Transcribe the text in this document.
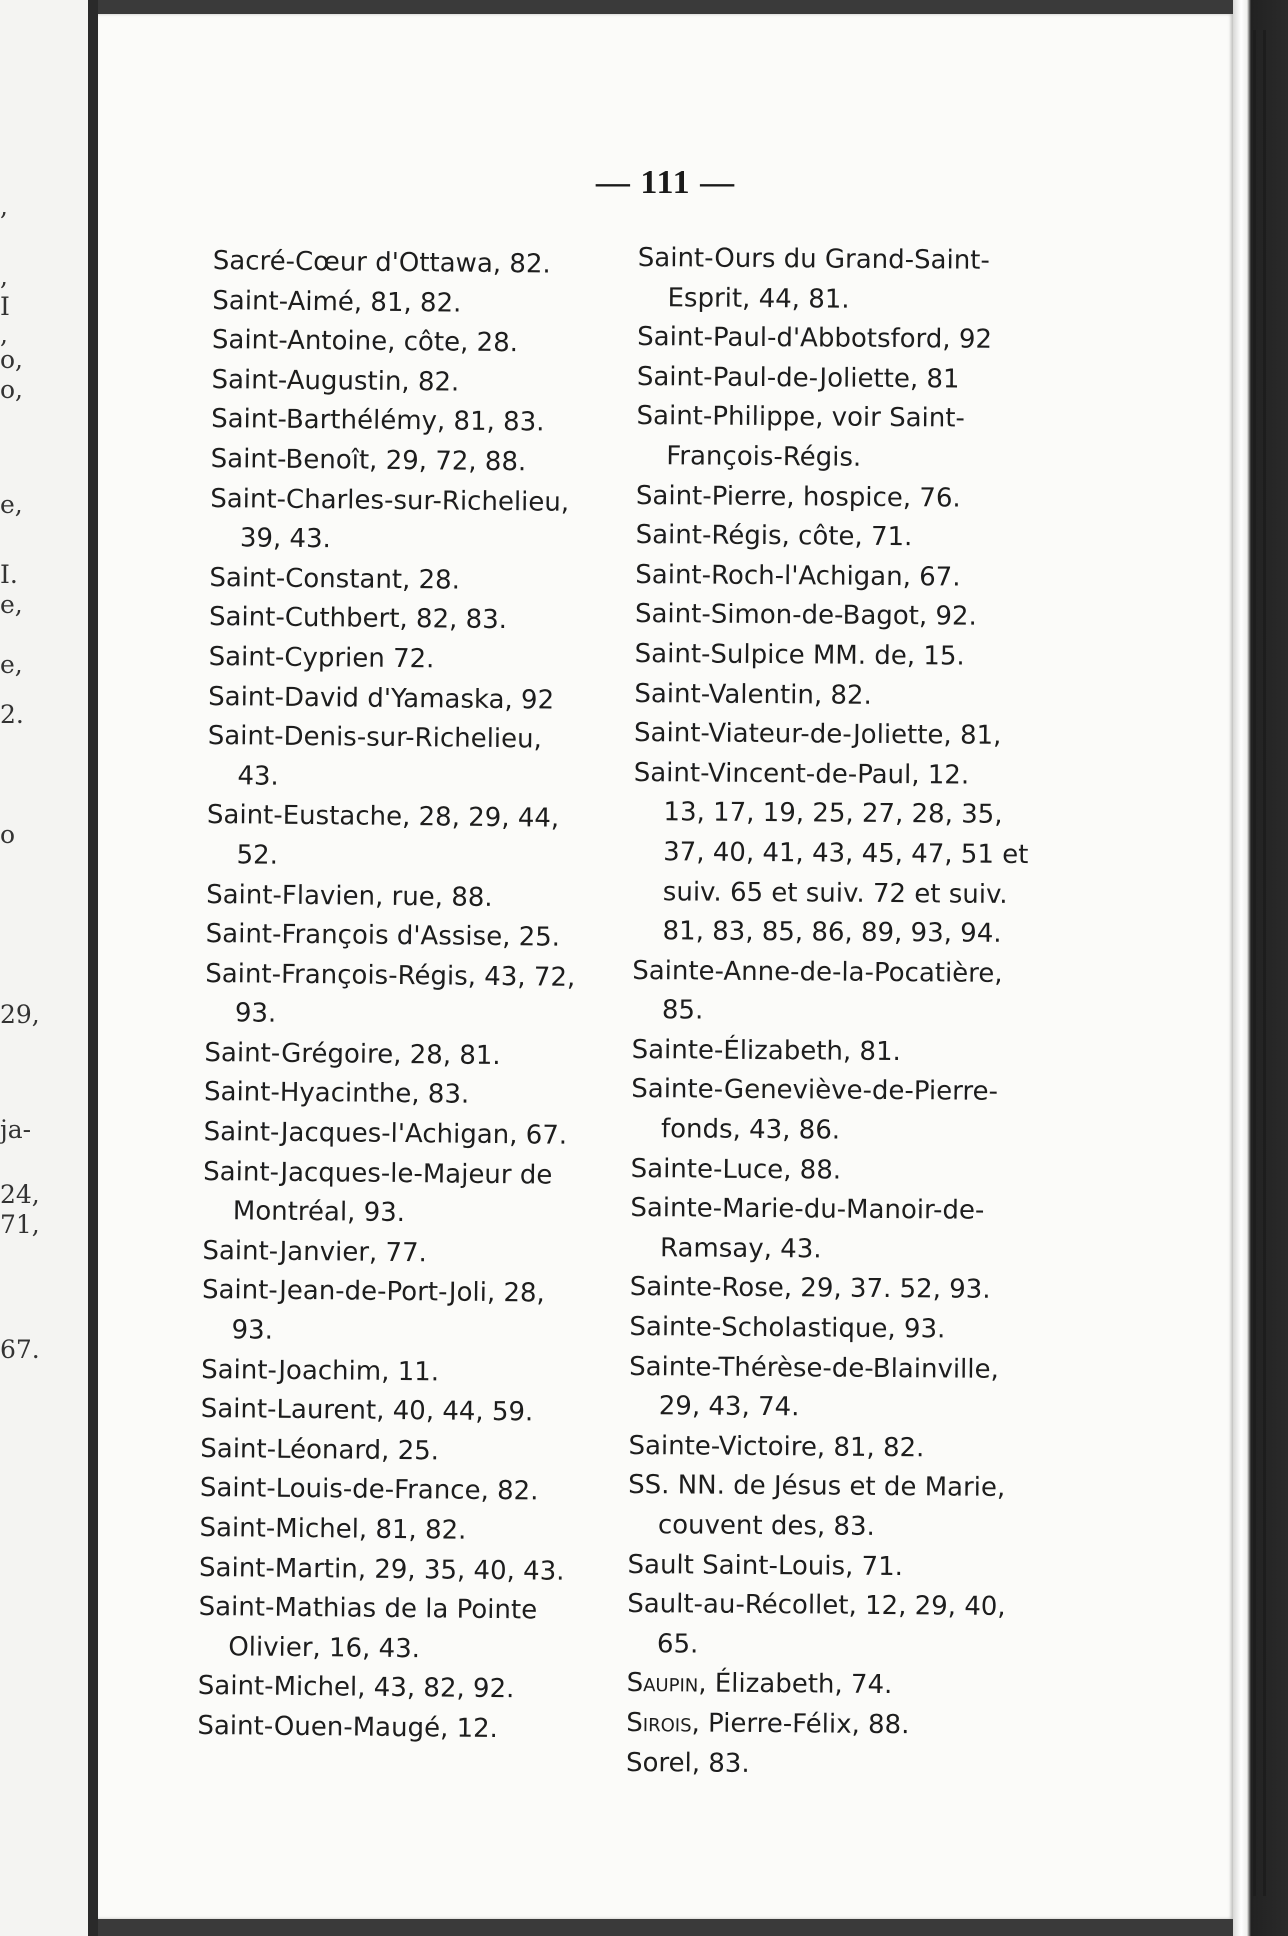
,
,
I
,
o,
o,
e,
I.
e,
e,
2.
o
29,
ja-
24,
71,
67.
— 111 —
Sacré-Cœur d'Ottawa, 82.
Saint-Aimé, 81, 82.
Saint-Antoine, côte, 28.
Saint-Augustin, 82.
Saint-Barthélémy, 81, 83.
Saint-Benoît, 29, 72, 88.
Saint-Charles-sur-Richelieu,
39, 43.
Saint-Constant, 28.
Saint-Cuthbert, 82, 83.
Saint-Cyprien 72.
Saint-David d'Yamaska, 92
Saint-Denis-sur-Richelieu,
43.
Saint-Eustache, 28, 29, 44,
52.
Saint-Flavien, rue, 88.
Saint-François d'Assise, 25.
Saint-François-Régis, 43, 72,
93.
Saint-Grégoire, 28, 81.
Saint-Hyacinthe, 83.
Saint-Jacques-l'Achigan, 67.
Saint-Jacques-le-Majeur de
Montréal, 93.
Saint-Janvier, 77.
Saint-Jean-de-Port-Joli, 28,
93.
Saint-Joachim, 11.
Saint-Laurent, 40, 44, 59.
Saint-Léonard, 25.
Saint-Louis-de-France, 82.
Saint-Michel, 81, 82.
Saint-Martin, 29, 35, 40, 43.
Saint-Mathias de la Pointe
Olivier, 16, 43.
Saint-Michel, 43, 82, 92.
Saint-Ouen-Maugé, 12.
Saint-Ours du Grand-Saint-
Esprit, 44, 81.
Saint-Paul-d'Abbotsford, 92
Saint-Paul-de-Joliette, 81
Saint-Philippe, voir Saint-
François-Régis.
Saint-Pierre, hospice, 76.
Saint-Régis, côte, 71.
Saint-Roch-l'Achigan, 67.
Saint-Simon-de-Bagot, 92.
Saint-Sulpice MM. de, 15.
Saint-Valentin, 82.
Saint-Viateur-de-Joliette, 81,
Saint-Vincent-de-Paul, 12.
13, 17, 19, 25, 27, 28, 35,
37, 40, 41, 43, 45, 47, 51 et
suiv. 65 et suiv. 72 et suiv.
81, 83, 85, 86, 89, 93, 94.
Sainte-Anne-de-la-Pocatière,
85.
Sainte-Élizabeth, 81.
Sainte-Geneviève-de-Pierre-
fonds, 43, 86.
Sainte-Luce, 88.
Sainte-Marie-du-Manoir-de-
Ramsay, 43.
Sainte-Rose, 29, 37. 52, 93.
Sainte-Scholastique, 93.
Sainte-Thérèse-de-Blainville,
29, 43, 74.
Sainte-Victoire, 81, 82.
SS. NN. de Jésus et de Marie,
couvent des, 83.
Sault Saint-Louis, 71.
Sault-au-Récollet, 12, 29, 40,
65.
Saupin, Élizabeth, 74.
Sirois, Pierre-Félix, 88.
Sorel, 83.
